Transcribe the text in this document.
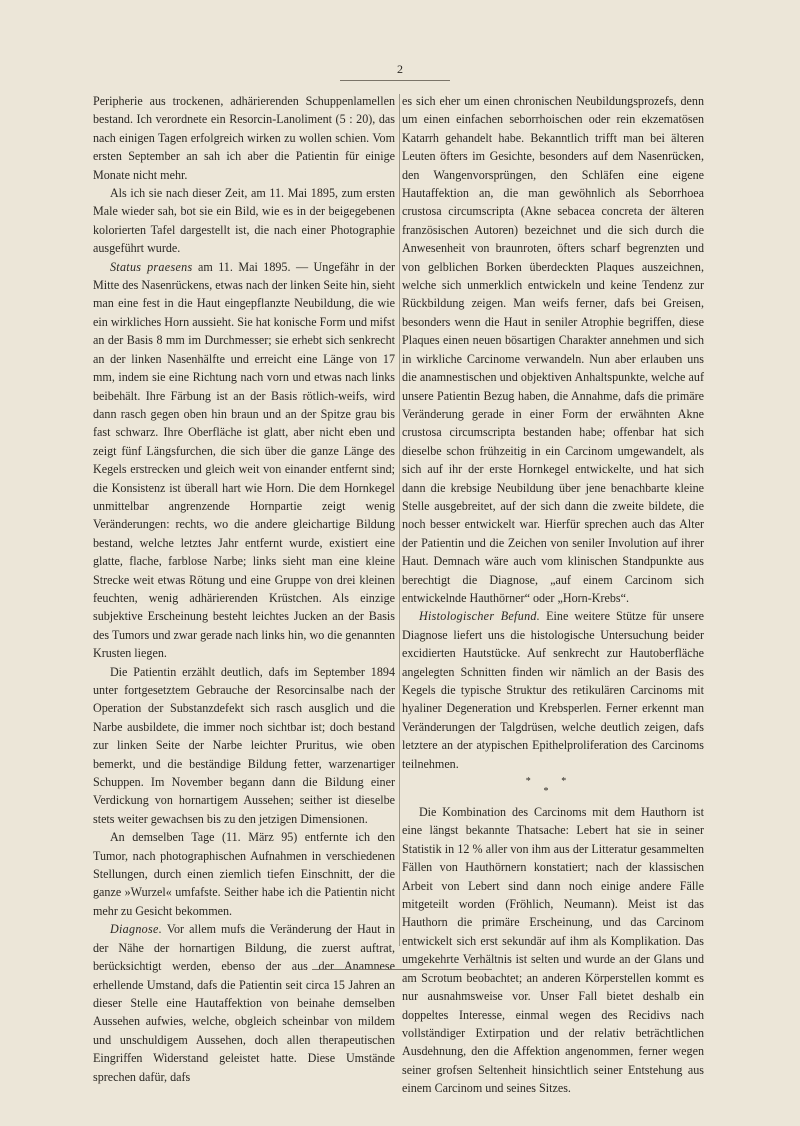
2

Peripherie aus trockenen, adhärierenden Schuppenlamellen bestand. Ich verordnete ein Resorcin-Lanoliment (5 : 20), das nach einigen Tagen erfolgreich wirken zu wollen schien. Vom ersten September an sah ich aber die Patientin für einige Monate nicht mehr.

Als ich sie nach dieser Zeit, am 11. Mai 1895, zum ersten Male wieder sah, bot sie ein Bild, wie es in der beigegebenen kolorierten Tafel dargestellt ist, die nach einer Photographie ausgeführt wurde.

Status praesens am 11. Mai 1895. — Ungefähr in der Mitte des Nasenrückens, etwas nach der linken Seite hin, sieht man eine fest in die Haut eingepflanzte Neubildung, die wie ein wirkliches Horn aussieht. Sie hat konische Form und mifst an der Basis 8 mm im Durchmesser; sie erhebt sich senkrecht an der linken Nasenhälfte und erreicht eine Länge von 17 mm, indem sie eine Richtung nach vorn und etwas nach links beibehält. Ihre Färbung ist an der Basis rötlich-weifs, wird dann rasch gegen oben hin braun und an der Spitze grau bis fast schwarz. Ihre Oberfläche ist glatt, aber nicht eben und zeigt fünf Längsfurchen, die sich über die ganze Länge des Kegels erstrecken und gleich weit von einander entfernt sind; die Konsistenz ist überall hart wie Horn. Die dem Hornkegel unmittelbar angrenzende Hornpartie zeigt wenig Veränderungen: rechts, wo die andere gleichartige Bildung bestand, welche letztes Jahr entfernt wurde, existiert eine glatte, flache, farblose Narbe; links sieht man eine kleine Strecke weit etwas Rötung und eine Gruppe von drei kleinen feuchten, wenig adhärierenden Krüstchen. Als einzige subjektive Erscheinung besteht leichtes Jucken an der Basis des Tumors und zwar gerade nach links hin, wo die genannten Krusten liegen.

Die Patientin erzählt deutlich, dafs im September 1894 unter fortgesetztem Gebrauche der Resorcinsalbe nach der Operation der Substanzdefekt sich rasch ausglich und die Narbe ausbildete, die immer noch sichtbar ist; doch bestand zur linken Seite der Narbe leichter Pruritus, wie oben bemerkt, und die beständige Bildung fetter, warzenartiger Schuppen. Im November begann dann die Bildung einer Verdickung von hornartigem Aussehen; seither ist dieselbe stets weiter gewachsen bis zu den jetzigen Dimensionen.

An demselben Tage (11. März 95) entfernte ich den Tumor, nach photographischen Aufnahmen in verschiedenen Stellungen, durch einen ziemlich tiefen Einschnitt, der die ganze »Wurzel« umfafste. Seither habe ich die Patientin nicht mehr zu Gesicht bekommen.

Diagnose. Vor allem mufs die Veränderung der Haut in der Nähe der hornartigen Bildung, die zuerst auftrat, berücksichtigt werden, ebenso der aus der Anamnese erhellende Umstand, dafs die Patientin seit circa 15 Jahren an dieser Stelle eine Hautaffektion von beinahe demselben Aussehen aufwies, welche, obgleich scheinbar von mildem und unschuldigem Aussehen, doch allen therapeutischen Eingriffen Widerstand geleistet hatte. Diese Umstände sprechen dafür, dafs

es sich eher um einen chronischen Neubildungsprozefs, denn um einen einfachen seborrhoischen oder rein ekzematösen Katarrh gehandelt habe. Bekanntlich trifft man bei älteren Leuten öfters im Gesichte, besonders auf dem Nasenrücken, den Wangenvorsprüngen, den Schläfen eine eigene Hautaffektion an, die man gewöhnlich als Seborrhoea crustosa circumscripta (Akne sebacea concreta der älteren französischen Autoren) bezeichnet und die sich durch die Anwesenheit von braunroten, öfters scharf begrenzten und von gelblichen Borken überdeckten Plaques auszeichnen, welche sich unmerklich entwickeln und keine Tendenz zur Rückbildung zeigen. Man weifs ferner, dafs bei Greisen, besonders wenn die Haut in seniler Atrophie begriffen, diese Plaques einen neuen bösartigen Charakter annehmen und sich in wirkliche Carcinome verwandeln. Nun aber erlauben uns die anamnestischen und objektiven Anhaltspunkte, welche auf unsere Patientin Bezug haben, die Annahme, dafs die primäre Veränderung gerade in einer Form der erwähnten Akne crustosa circumscripta bestanden habe; offenbar hat sich dieselbe schon frühzeitig in ein Carcinom umgewandelt, als sich auf ihr der erste Hornkegel entwickelte, und hat sich dann die krebsige Neubildung über jene benachbarte kleine Stelle ausgebreitet, auf der sich dann die zweite bildete, die noch besser entwickelt war. Hierfür sprechen auch das Alter der Patientin und die Zeichen von seniler Involution auf ihrer Haut. Demnach wäre auch vom klinischen Standpunkte aus berechtigt die Diagnose, „auf einem Carcinom sich entwickelnde Hauthörner“ oder „Horn-Krebs“.

Histologischer Befund. Eine weitere Stütze für unsere Diagnose liefert uns die histologische Untersuchung beider excidierten Hautstücke. Auf senkrecht zur Hautoberfläche angelegten Schnitten finden wir nämlich an der Basis des Kegels die typische Struktur des retikulären Carcinoms mit hyaliner Degeneration und Krebsperlen. Ferner erkennt man Veränderungen der Talgdrüsen, welche deutlich zeigen, dafs letztere an der atypischen Epithelproliferation des Carcinoms teilnehmen.

* *
*

Die Kombination des Carcinoms mit dem Hauthorn ist eine längst bekannte Thatsache: Lebert hat sie in seiner Statistik in 12 % aller von ihm aus der Litteratur gesammelten Fällen von Hauthörnern konstatiert; nach der klassischen Arbeit von Lebert sind dann noch einige andere Fälle mitgeteilt worden (Fröhlich, Neumann). Meist ist das Hauthorn die primäre Erscheinung, und das Carcinom entwickelt sich erst sekundär auf ihm als Komplikation. Das umgekehrte Verhältnis ist selten und wurde an der Glans und am Scrotum beobachtet; an anderen Körperstellen kommt es nur ausnahmsweise vor. Unser Fall bietet deshalb ein doppeltes Interesse, einmal wegen des Recidivs nach vollständiger Extirpation und der relativ beträchtlichen Ausdehnung, den die Affektion angenommen, ferner wegen seiner grofsen Seltenheit hinsichtlich seiner Entstehung aus einem Carcinom und seines Sitzes.
